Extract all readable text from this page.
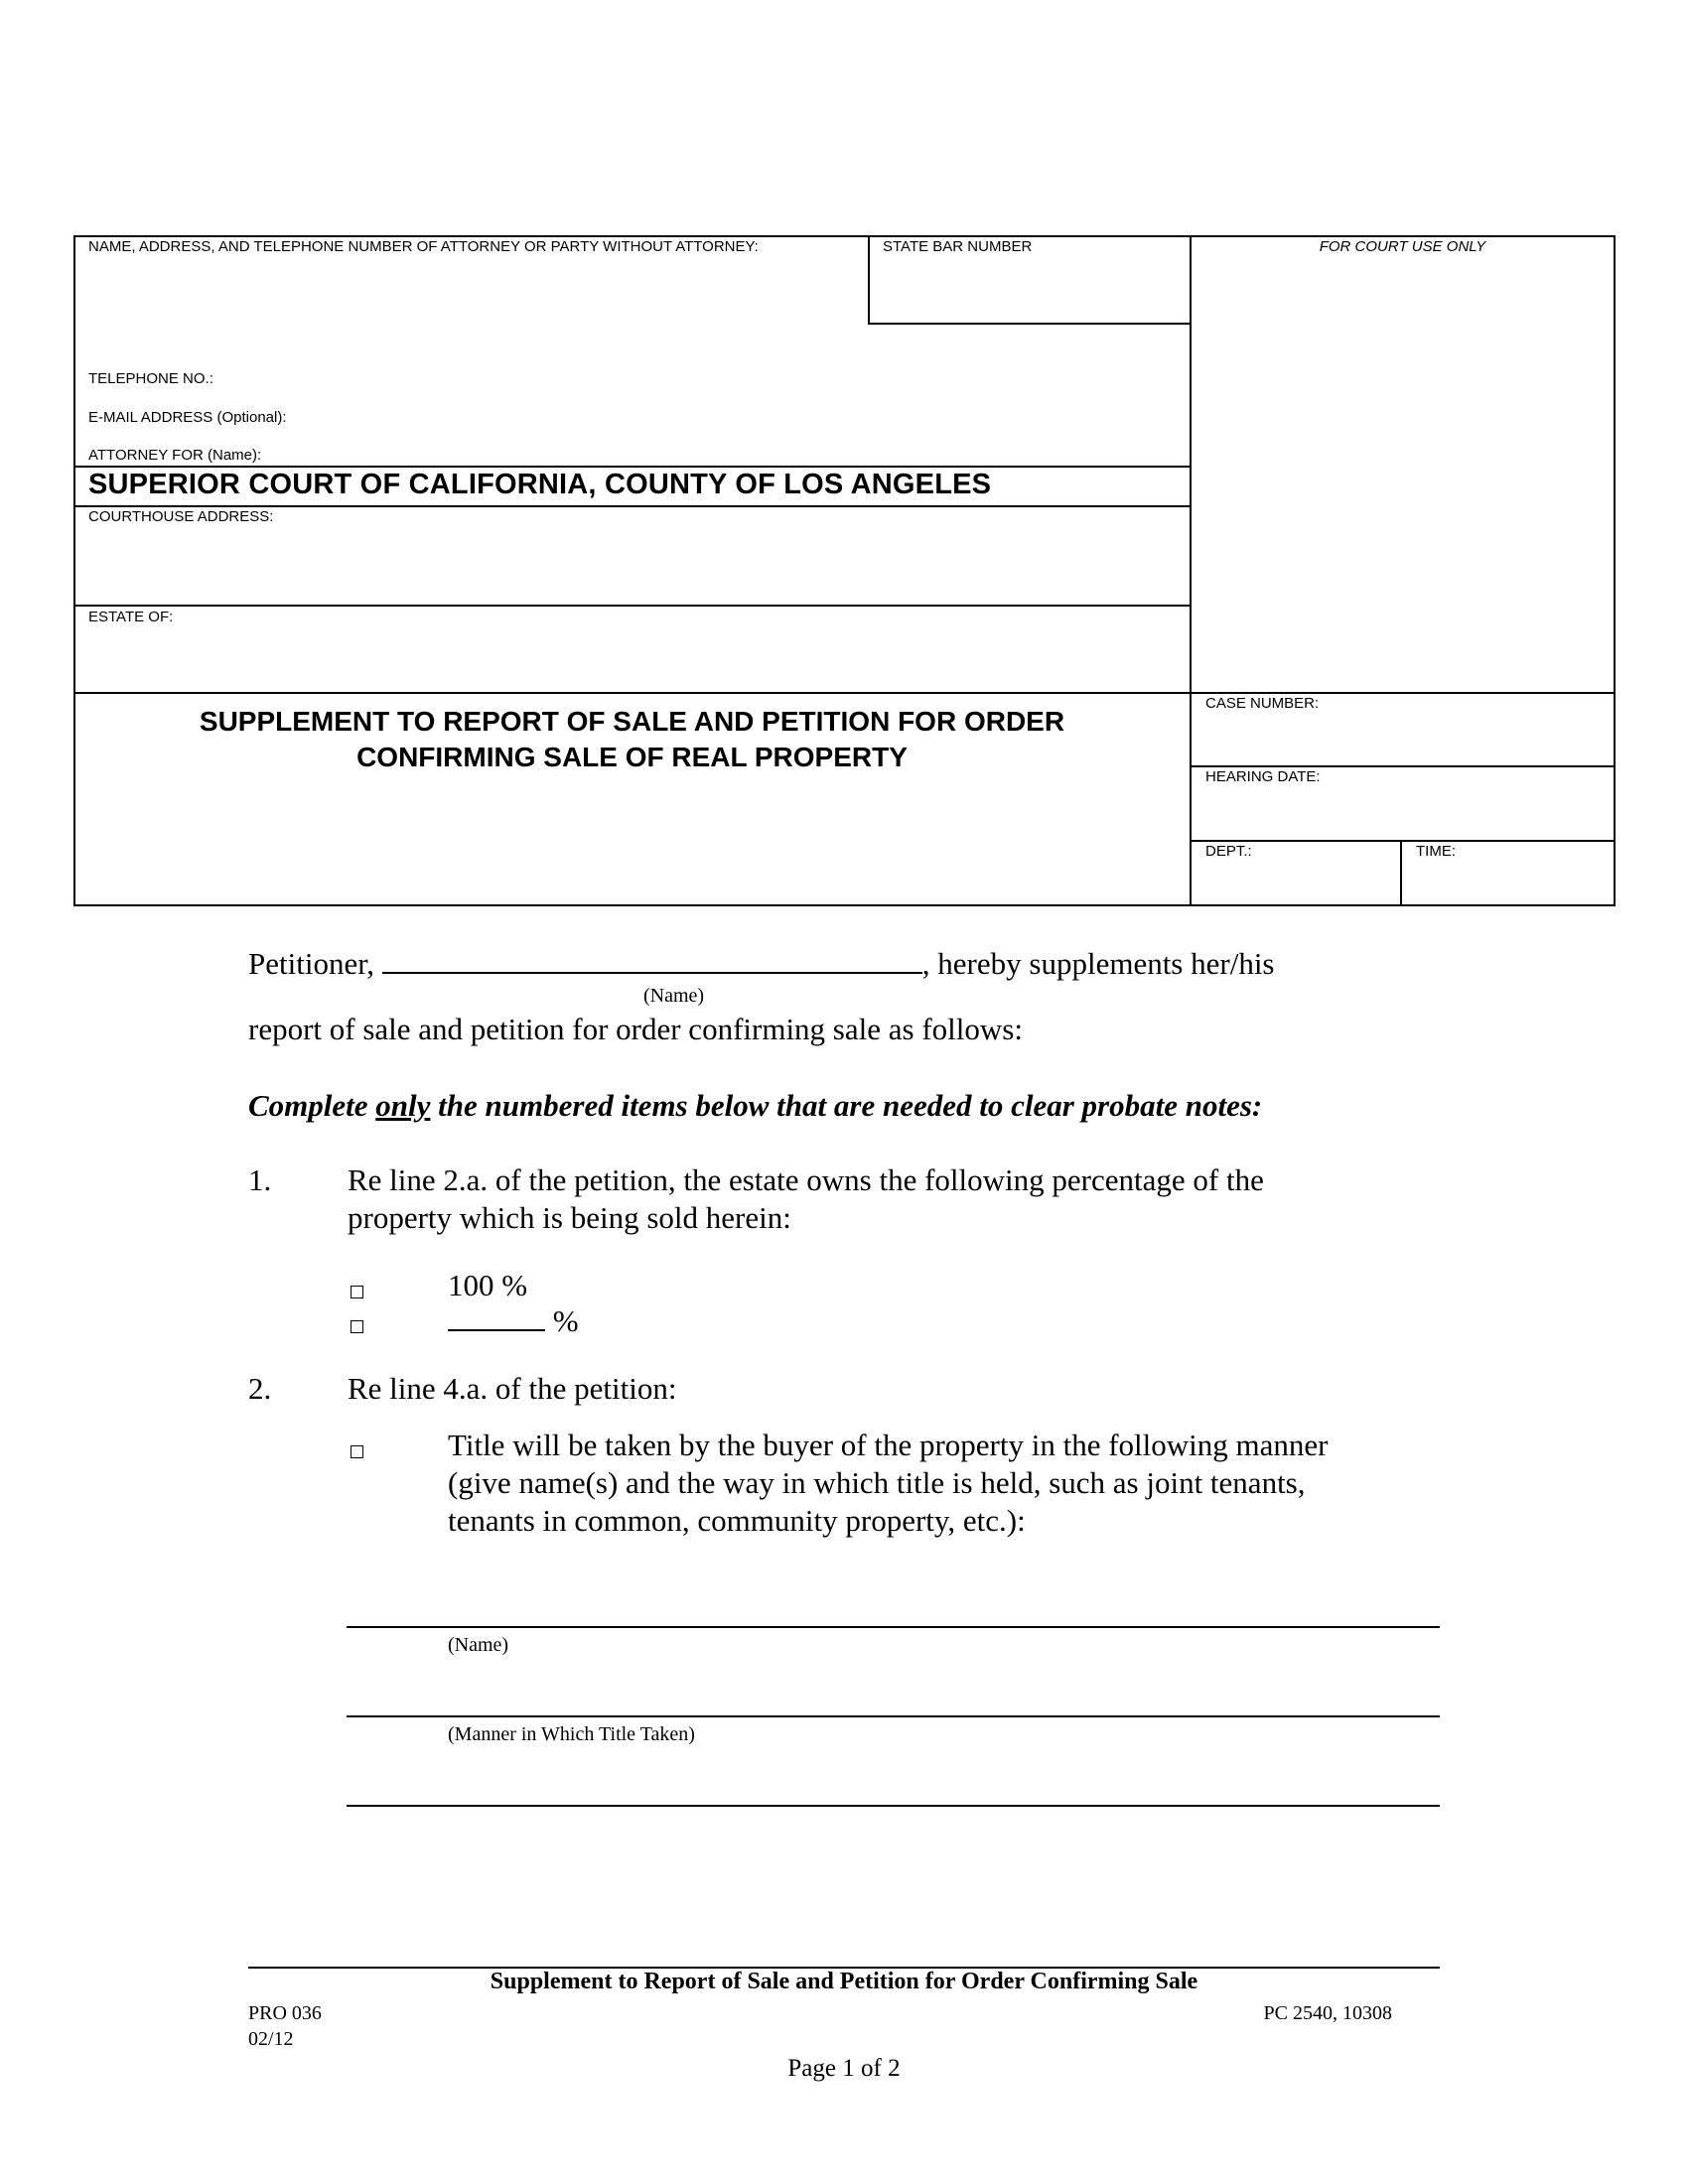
NAME, ADDRESS, AND TELEPHONE NUMBER OF ATTORNEY OR PARTY WITHOUT ATTORNEY:	STATE BAR NUMBER	FOR COURT USE ONLY
TELEPHONE NO.:
E-MAIL ADDRESS (Optional):
ATTORNEY FOR (Name):
SUPERIOR COURT OF CALIFORNIA, COUNTY OF LOS ANGELES
COURTHOUSE ADDRESS:
ESTATE OF:
SUPPLEMENT TO REPORT OF SALE AND PETITION FOR ORDER
CONFIRMING SALE OF REAL PROPERTY
CASE NUMBER:
HEARING DATE:
DEPT.:	TIME:
Petitioner,	, hereby supplements her/his
(Name)
report of sale and petition for order confirming sale as follows:
Complete only the numbered items below that are needed to clear probate notes:
1. Re line 2.a. of the petition, the estate owns the following percentage of the
property which is being sold herein:
100 %
%
2. Re line 4.a. of the petition:
Title will be taken by the buyer of the property in the following manner
(give name(s) and the way in which title is held, such as joint tenants,
tenants in common, community property, etc.):
(Name)
(Manner in Which Title Taken)
Supplement to Report of Sale and Petition for Order Confirming Sale
PRO 036
02/12
PC 2540, 10308
Page 1 of 2
